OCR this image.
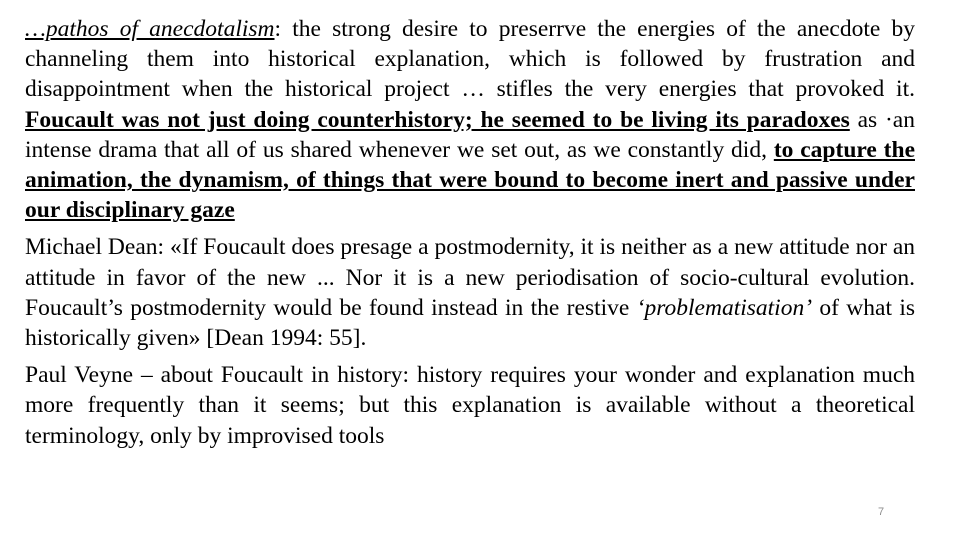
…pathos of anecdotalism: the strong desire to preserrve the energies of the anecdote by channeling them into historical explanation, which is followed by frustration and disappointment when the historical project … stifles the very energies that provoked it. Foucault was not just doing counterhistory; he seemed to be living its paradoxes as ·an intense drama that all of us shared whenever we set out, as we constantly did, to capture the animation, the dynamism, of things that were bound to become inert and passive under our disciplinary gaze

Michael Dean: «If Foucault does presage a postmodernity, it is neither as a new attitude nor an attitude in favor of the new ... Nor it is a new periodisation of socio-cultural evolution. Foucault’s postmodernity would be found instead in the restive ‘problematisation’ of what is historically given» [Dean 1994: 55].

Paul Veyne – about Foucault in history: history requires your wonder and explanation much more frequently than it seems; but this explanation is available without a theoretical terminology, only by improvised tools

7
